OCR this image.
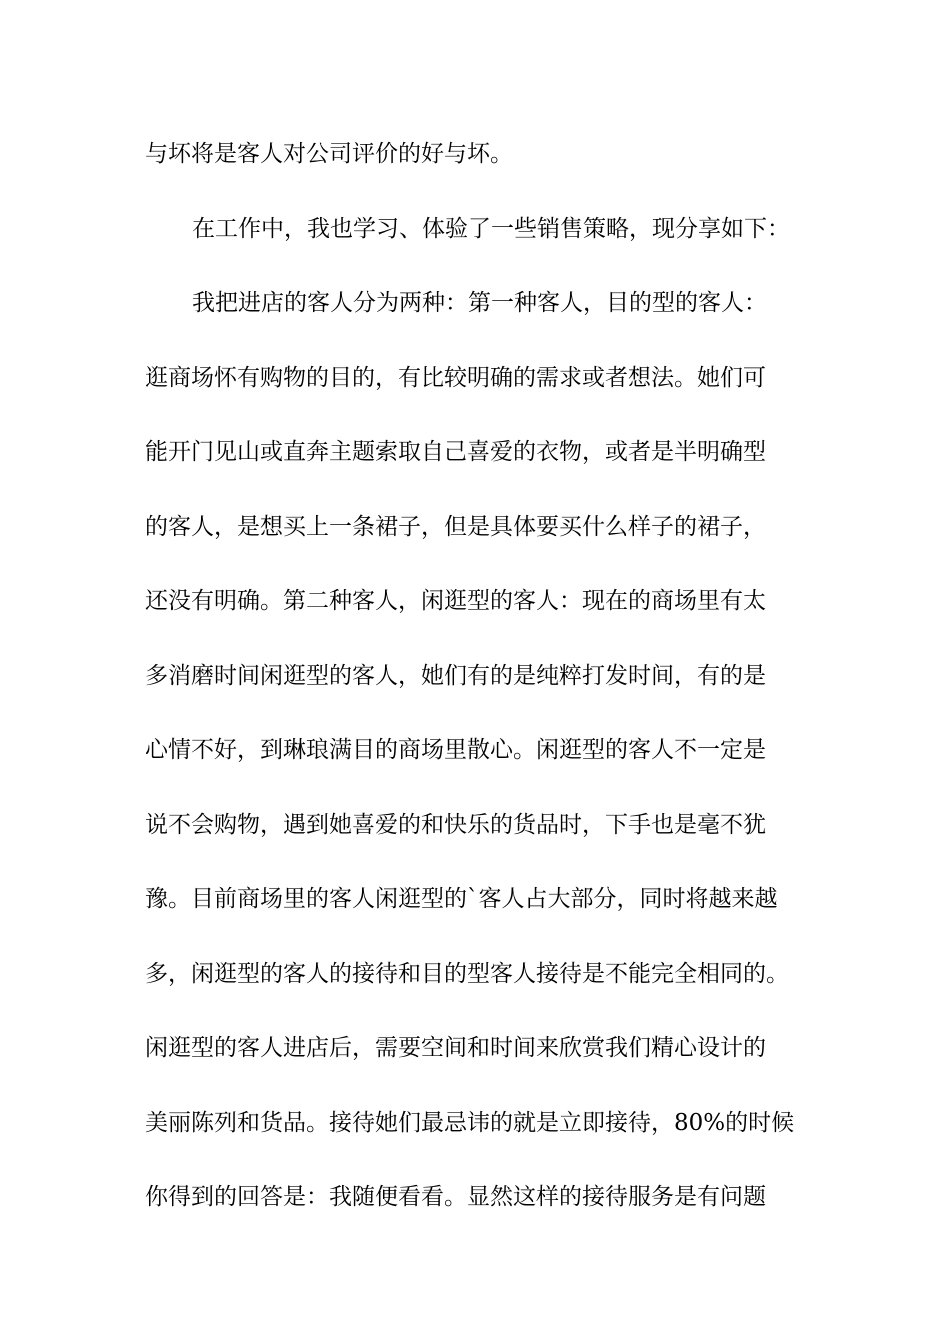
与坏将是客人对公司评价的好与坏。
在工作中，我也学习、体验了一些销售策略，现分享如下：
我把进店的客人分为两种：第一种客人，目的型的客人：
逛商场怀有购物的目的，有比较明确的需求或者想法。她们可
能开门见山或直奔主题索取自己喜爱的衣物，或者是半明确型
的客人，是想买上一条裙子，但是具体要买什么样子的裙子，
还没有明确。第二种客人，闲逛型的客人：现在的商场里有太
多消磨时间闲逛型的客人，她们有的是纯粹打发时间，有的是
心情不好，到琳琅满目的商场里散心。闲逛型的客人不一定是
说不会购物，遇到她喜爱的和快乐的货品时，下手也是毫不犹
豫。目前商场里的客人闲逛型的`客人占大部分，同时将越来越
多，闲逛型的客人的接待和目的型客人接待是不能完全相同的。
闲逛型的客人进店后，需要空间和时间来欣赏我们精心设计的
美丽陈列和货品。接待她们最忌讳的就是立即接待，80%的时候
你得到的回答是：我随便看看。显然这样的接待服务是有问题
